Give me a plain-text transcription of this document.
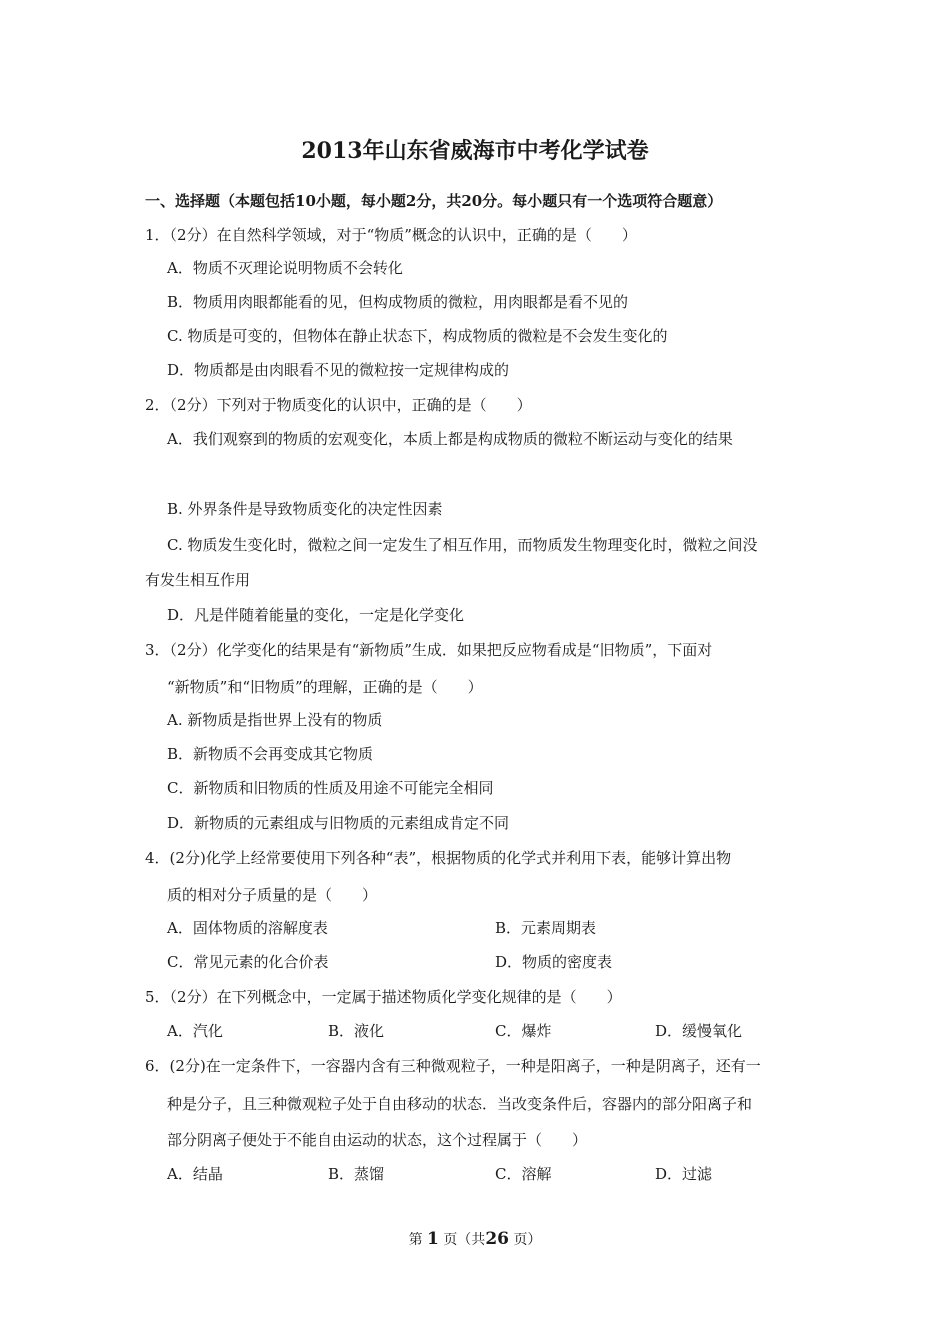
2013年山东省威海市中考化学试卷
一、选择题（本题包括10小题，每小题2分，共20分。每小题只有一个选项符合题意）
1．（2分）在自然科学领域，对于“物质”概念的认识中，正确的是（　　）
A．物质不灭理论说明物质不会转化
B．物质用肉眼都能看的见，但构成物质的微粒，用肉眼都是看不见的
C. 物质是可变的，但物体在静止状态下，构成物质的微粒是不会发生变化的
D．物质都是由肉眼看不见的微粒按一定规律构成的
2．（2分）下列对于物质变化的认识中，正确的是（　　）
A．我们观察到的物质的宏观变化，本质上都是构成物质的微粒不断运动与变化的结果
B. 外界条件是导致物质变化的决定性因素
C. 物质发生变化时，微粒之间一定发生了相互作用，而物质发生物理变化时，微粒之间没
有发生相互作用
D．凡是伴随着能量的变化，一定是化学变化
3．（2分）化学变化的结果是有“新物质”生成．如果把反应物看成是“旧物质”，下面对
“新物质”和“旧物质”的理解，正确的是（　　）
A. 新物质是指世界上没有的物质
B．新物质不会再变成其它物质
C．新物质和旧物质的性质及用途不可能完全相同
D．新物质的元素组成与旧物质的元素组成肯定不同
4．(2分)化学上经常要使用下列各种“表”，根据物质的化学式并利用下表，能够计算出物
质的相对分子质量的是（　　）
A．固体物质的溶解度表	B．元素周期表
C．常见元素的化合价表	D．物质的密度表
5．（2分）在下列概念中，一定属于描述物质化学变化规律的是（　　）
A．汽化	B．液化	C．爆炸	D．缓慢氧化
6．(2分)在一定条件下，一容器内含有三种微观粒子，一种是阳离子，一种是阴离子，还有一
种是分子，且三种微观粒子处于自由移动的状态．当改变条件后，容器内的部分阳离子和
部分阴离子便处于不能自由运动的状态，这个过程属于（　　）
A．结晶	B．蒸馏	C．溶解	D．过滤
第 1 页（共26 页）
